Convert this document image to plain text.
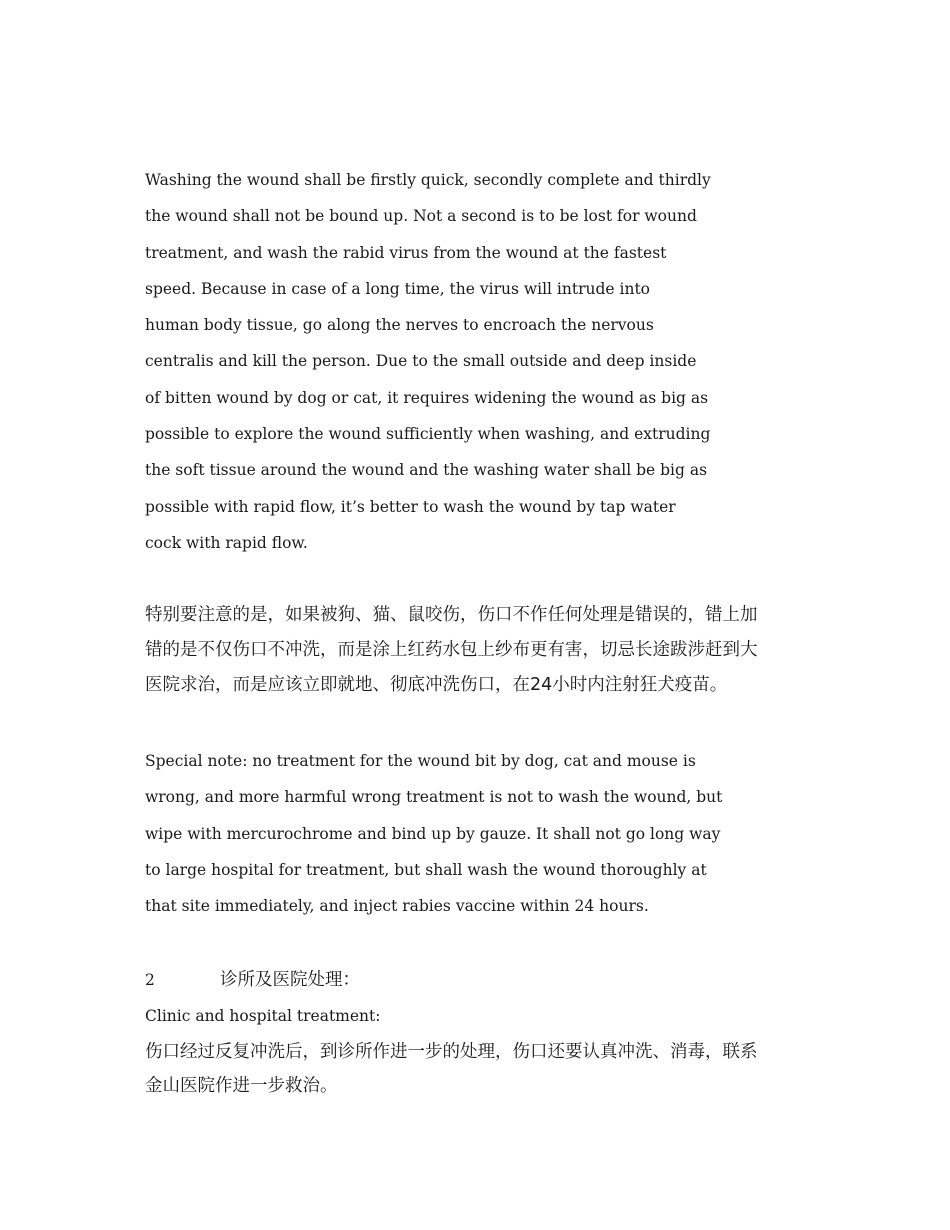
Washing the wound shall be firstly quick, secondly complete and thirdly
the wound shall not be bound up. Not a second is to be lost for wound
treatment, and wash the rabid virus from the wound at the fastest
speed. Because in case of a long time, the virus will intrude into
human body tissue, go along the nerves to encroach the nervous
centralis and kill the person. Due to the small outside and deep inside
of bitten wound by dog or cat, it requires widening the wound as big as
possible to explore the wound sufficiently when washing, and extruding
the soft tissue around the wound and the washing water shall be big as
possible with rapid flow, it’s better to wash the wound by tap water
cock with rapid flow.
特别要注意的是，如果被狗、猫、鼠咬伤，伤口不作任何处理是错误的，错上加
错的是不仅伤口不冲洗，而是涂上红药水包上纱布更有害，切忌长途跋涉赶到大
医院求治，而是应该立即就地、彻底冲洗伤口，在24小时内注射狂犬疫苗。
Special note: no treatment for the wound bit by dog, cat and mouse is
wrong, and more harmful wrong treatment is not to wash the wound, but
wipe with mercurochrome and bind up by gauze. It shall not go long way
to large hospital for treatment, but shall wash the wound thoroughly at
that site immediately, and inject rabies vaccine within 24 hours.
2	诊所及医院处理：
Clinic and hospital treatment:
伤口经过反复冲洗后，到诊所作进一步的处理，伤口还要认真冲洗、消毒，联系
金山医院作进一步救治。
